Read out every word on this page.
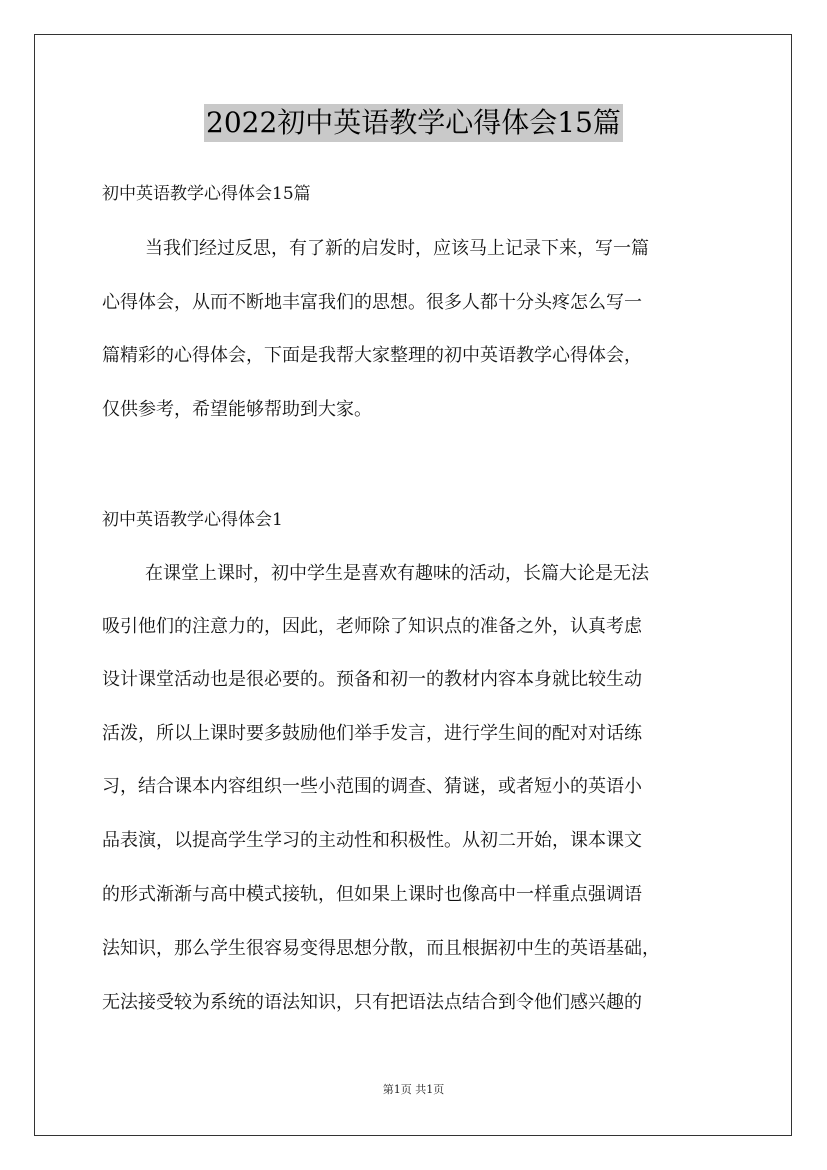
2022初中英语教学心得体会15篇
初中英语教学心得体会15篇
当我们经过反思，有了新的启发时，应该马上记录下来，写一篇
心得体会，从而不断地丰富我们的思想。很多人都十分头疼怎么写一
篇精彩的心得体会，下面是我帮大家整理的初中英语教学心得体会，
仅供参考，希望能够帮助到大家。
初中英语教学心得体会1
在课堂上课时，初中学生是喜欢有趣味的活动，长篇大论是无法
吸引他们的注意力的，因此，老师除了知识点的准备之外，认真考虑
设计课堂活动也是很必要的。预备和初一的教材内容本身就比较生动
活泼，所以上课时要多鼓励他们举手发言，进行学生间的配对对话练
习，结合课本内容组织一些小范围的调查、猜谜，或者短小的英语小
品表演，以提高学生学习的主动性和积极性。从初二开始，课本课文
的形式渐渐与高中模式接轨，但如果上课时也像高中一样重点强调语
法知识，那么学生很容易变得思想分散，而且根据初中生的英语基础，
无法接受较为系统的语法知识，只有把语法点结合到令他们感兴趣的
第1页 共1页
